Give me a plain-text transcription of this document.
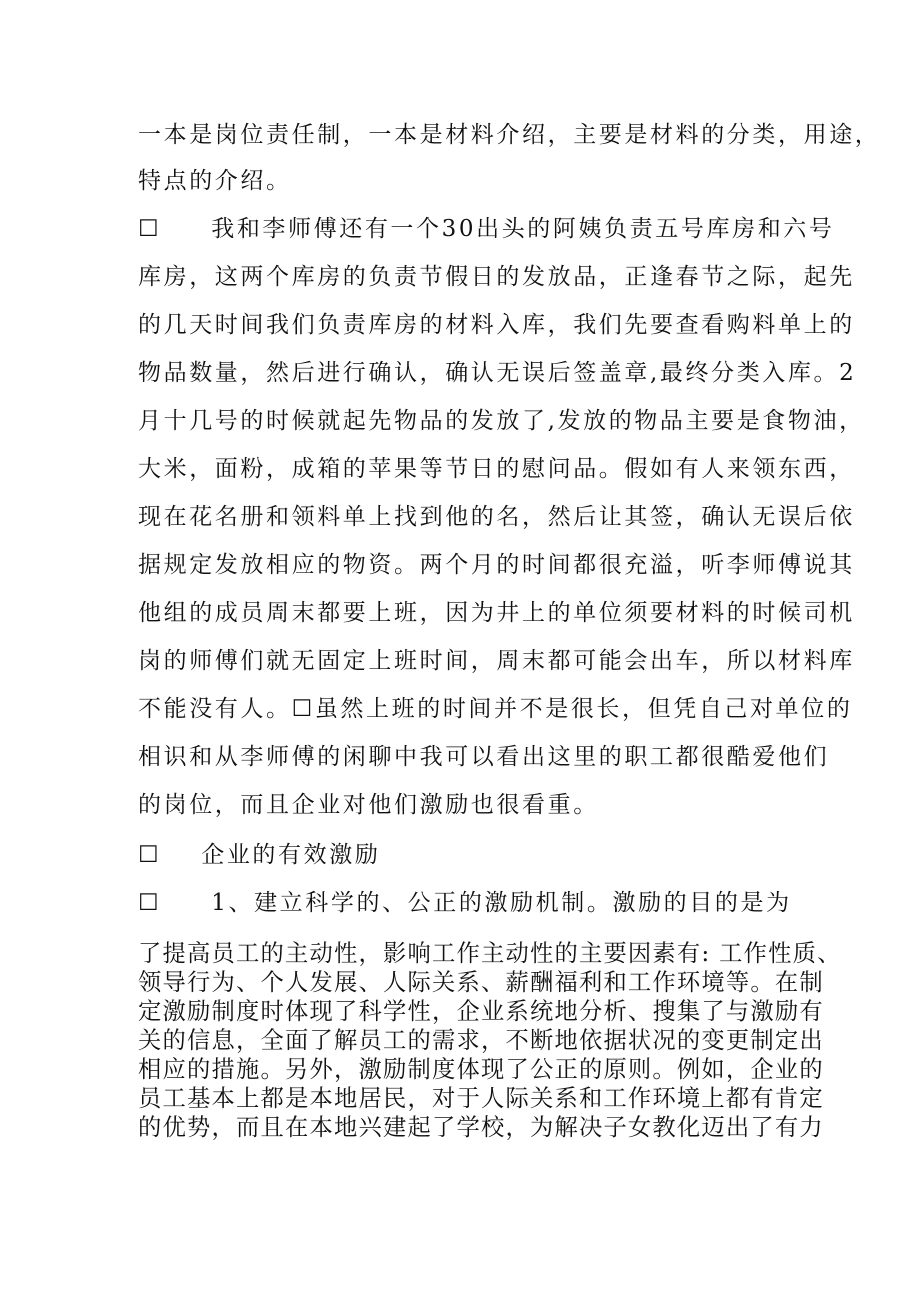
一本是岗位责任制，一本是材料介绍，主要是材料的分类，用途，

特点的介绍。

☐ 我和李师傅还有一个30出头的阿姨负责五号库房和六号

库房，这两个库房的负责节假日的发放品，正逢春节之际，起先

的几天时间我们负责库房的材料入库，我们先要查看购料单上的

物品数量，然后进行确认，确认无误后签盖章,最终分类入库。2

月十几号的时候就起先物品的发放了,发放的物品主要是食物油，

大米，面粉，成箱的苹果等节日的慰问品。假如有人来领东西，

现在花名册和领料单上找到他的名，然后让其签，确认无误后依

据规定发放相应的物资。两个月的时间都很充溢，听李师傅说其

他组的成员周末都要上班，因为井上的单位须要材料的时候司机

岗的师傅们就无固定上班时间，周末都可能会出车，所以材料库

不能没有人。☐虽然上班的时间并不是很长，但凭自己对单位的

相识和从李师傅的闲聊中我可以看出这里的职工都很酷爱他们

的岗位，而且企业对他们激励也很看重。

☐ 企业的有效激励

☐ 1、建立科学的、公正的激励机制。激励的目的是为

了提高员工的主动性，影响工作主动性的主要因素有: 工作性质、

领导行为、个人发展、人际关系、薪酬福利和工作环境等。在制

定激励制度时体现了科学性，企业系统地分析、搜集了与激励有

关的信息，全面了解员工的需求，不断地依据状况的变更制定出

相应的措施。另外，激励制度体现了公正的原则。例如，企业的

员工基本上都是本地居民，对于人际关系和工作环境上都有肯定

的优势，而且在本地兴建起了学校，为解决子女教化迈出了有力
